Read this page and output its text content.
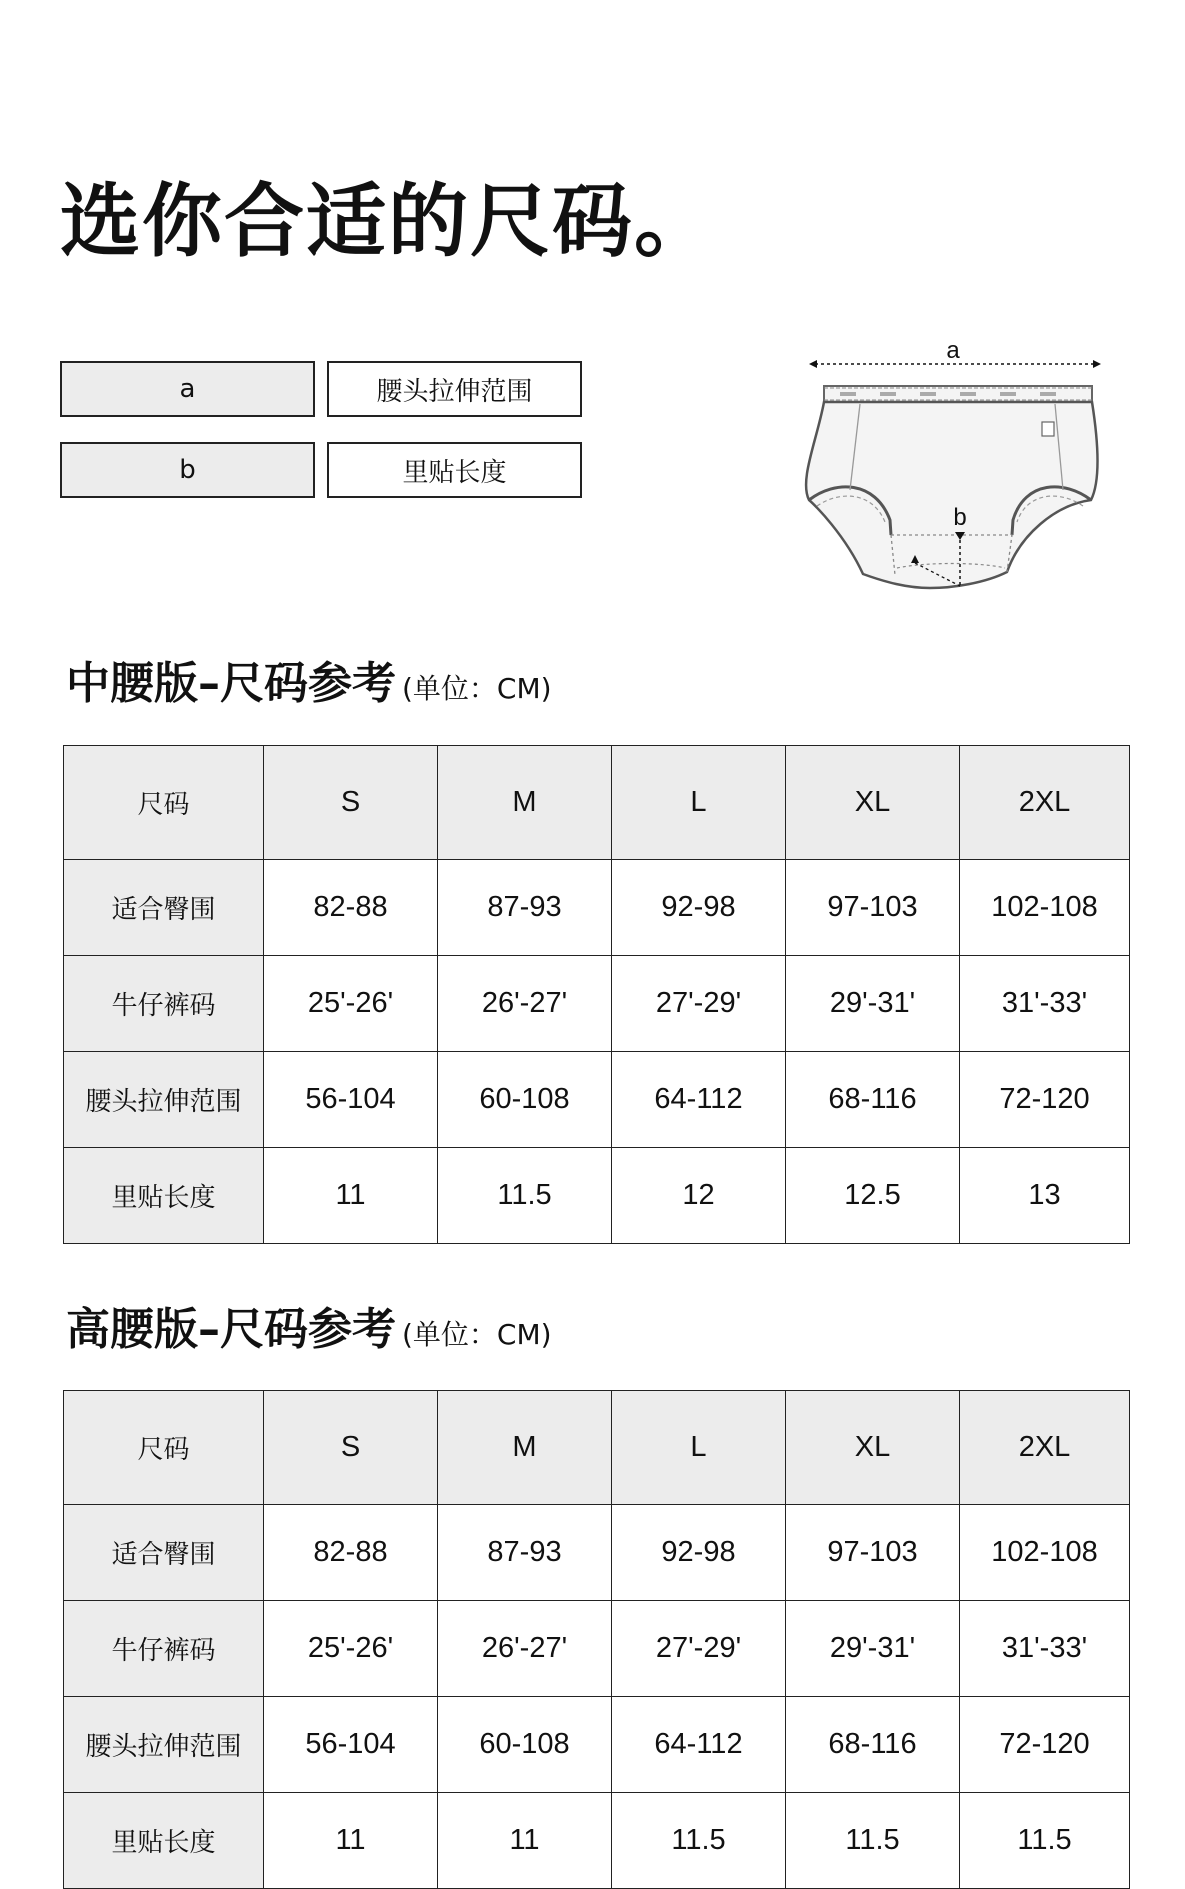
选你合适的尺码。
a	腰头拉伸范围
b	里贴长度
a
b
中腰版–尺码参考 (单位：CM)
尺码	S	M	L	XL	2XL
适合臀围	82-88	87-93	92-98	97-103	102-108
牛仔裤码	25'-26'	26'-27'	27'-29'	29'-31'	31'-33'
腰头拉伸范围	56-104	60-108	64-112	68-116	72-120
里贴长度	11	11.5	12	12.5	13
高腰版–尺码参考 (单位：CM)
尺码	S	M	L	XL	2XL
适合臀围	82-88	87-93	92-98	97-103	102-108
牛仔裤码	25'-26'	26'-27'	27'-29'	29'-31'	31'-33'
腰头拉伸范围	56-104	60-108	64-112	68-116	72-120
里贴长度	11	11	11.5	11.5	11.5
